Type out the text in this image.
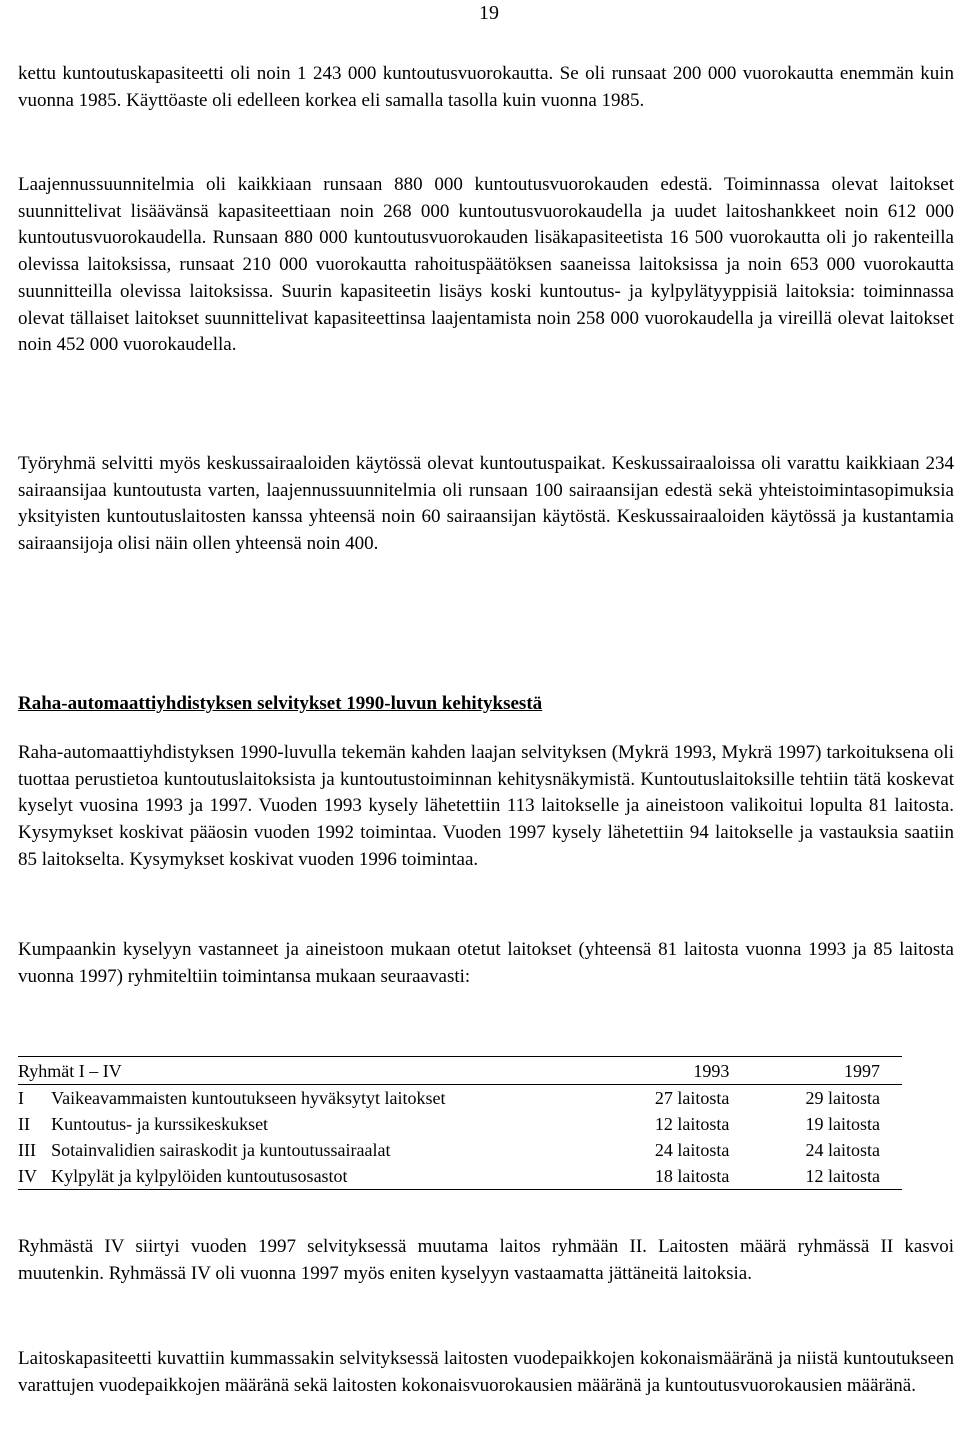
19

kettu kuntoutuskapasiteetti oli noin 1 243 000 kuntoutusvuorokautta. Se oli runsaat 200 000 vuorokautta enemmän kuin vuonna 1985. Käyttöaste oli edelleen korkea eli samalla tasolla kuin vuonna 1985.

Laajennussuunnitelmia oli kaikkiaan runsaan 880 000 kuntoutusvuorokauden edestä. Toiminnassa olevat laitokset suunnittelivat lisäävänsä kapasiteettiaan noin 268 000 kuntoutusvuorokaudella ja uudet laitoshankkeet noin 612 000 kuntoutusvuorokaudella. Runsaan 880 000 kuntoutusvuorokauden lisäkapasiteetista 16 500 vuorokautta oli jo rakenteilla olevissa laitoksissa, runsaat 210 000 vuorokautta rahoituspäätöksen saaneissa laitoksissa ja noin 653 000 vuorokautta suunnitteilla olevissa laitoksissa. Suurin kapasiteetin lisäys koski kuntoutus- ja kylpylätyyppisiä laitoksia: toiminnassa olevat tällaiset laitokset suunnittelivat kapasiteettinsa laajentamista noin 258 000 vuorokaudella ja vireillä olevat laitokset noin 452 000 vuorokaudella.

Työryhmä selvitti myös keskussairaaloiden käytössä olevat kuntoutuspaikat. Keskussairaaloissa oli varattu kaikkiaan 234 sairaansijaa kuntoutusta varten, laajennussuunnitelmia oli runsaan 100 sairaansijan edestä sekä yhteistoimintasopimuksia yksityisten kuntoutuslaitosten kanssa yhteensä noin 60 sairaansijan käytöstä. Keskussairaaloiden käytössä ja kustantamia sairaansijoja olisi näin ollen yhteensä noin 400.

Raha-automaattiyhdistyksen selvitykset 1990-luvun kehityksestä

Raha-automaattiyhdistyksen 1990-luvulla tekemän kahden laajan selvityksen (Mykrä 1993, Mykrä 1997) tarkoituksena oli tuottaa perustietoa kuntoutuslaitoksista ja kuntoutustoiminnan kehitysnäkymistä. Kuntoutuslaitoksille tehtiin tätä koskevat kyselyt vuosina 1993 ja 1997. Vuoden 1993 kysely lähetettiin 113 laitokselle ja aineistoon valikoitui lopulta 81 laitosta. Kysymykset koskivat pääosin vuoden 1992 toimintaa. Vuoden 1997 kysely lähetettiin 94 laitokselle ja vastauksia saatiin 85 laitokselta. Kysymykset koskivat vuoden 1996 toimintaa.

Kumpaankin kyselyyn vastanneet ja aineistoon mukaan otetut laitokset (yhteensä 81 laitosta vuonna 1993 ja 85 laitosta vuonna 1997) ryhmiteltiin toimintansa mukaan seuraavasti:

Ryhmät I – IV		1993	1997
I	Vaikeavammaisten kuntoutukseen hyväksytyt laitokset	27 laitosta	29 laitosta
II	Kuntoutus- ja kurssikeskukset	12 laitosta	19 laitosta
III	Sotainvalidien sairaskodit ja kuntoutussairaalat	24 laitosta	24 laitosta
IV	Kylpylät ja kylpylöiden kuntoutusosastot	18 laitosta	12 laitosta

Ryhmästä IV siirtyi vuoden 1997 selvityksessä muutama laitos ryhmään II. Laitosten määrä ryhmässä II kasvoi muutenkin. Ryhmässä IV oli vuonna 1997 myös eniten kyselyyn vastaamatta jättäneitä laitoksia.

Laitoskapasiteetti kuvattiin kummassakin selvityksessä laitosten vuodepaikkojen kokonaismääränä ja niistä kuntoutukseen varattujen vuodepaikkojen määränä sekä laitosten kokonaisvuorokausien määränä ja kuntoutusvuorokausien määränä.
